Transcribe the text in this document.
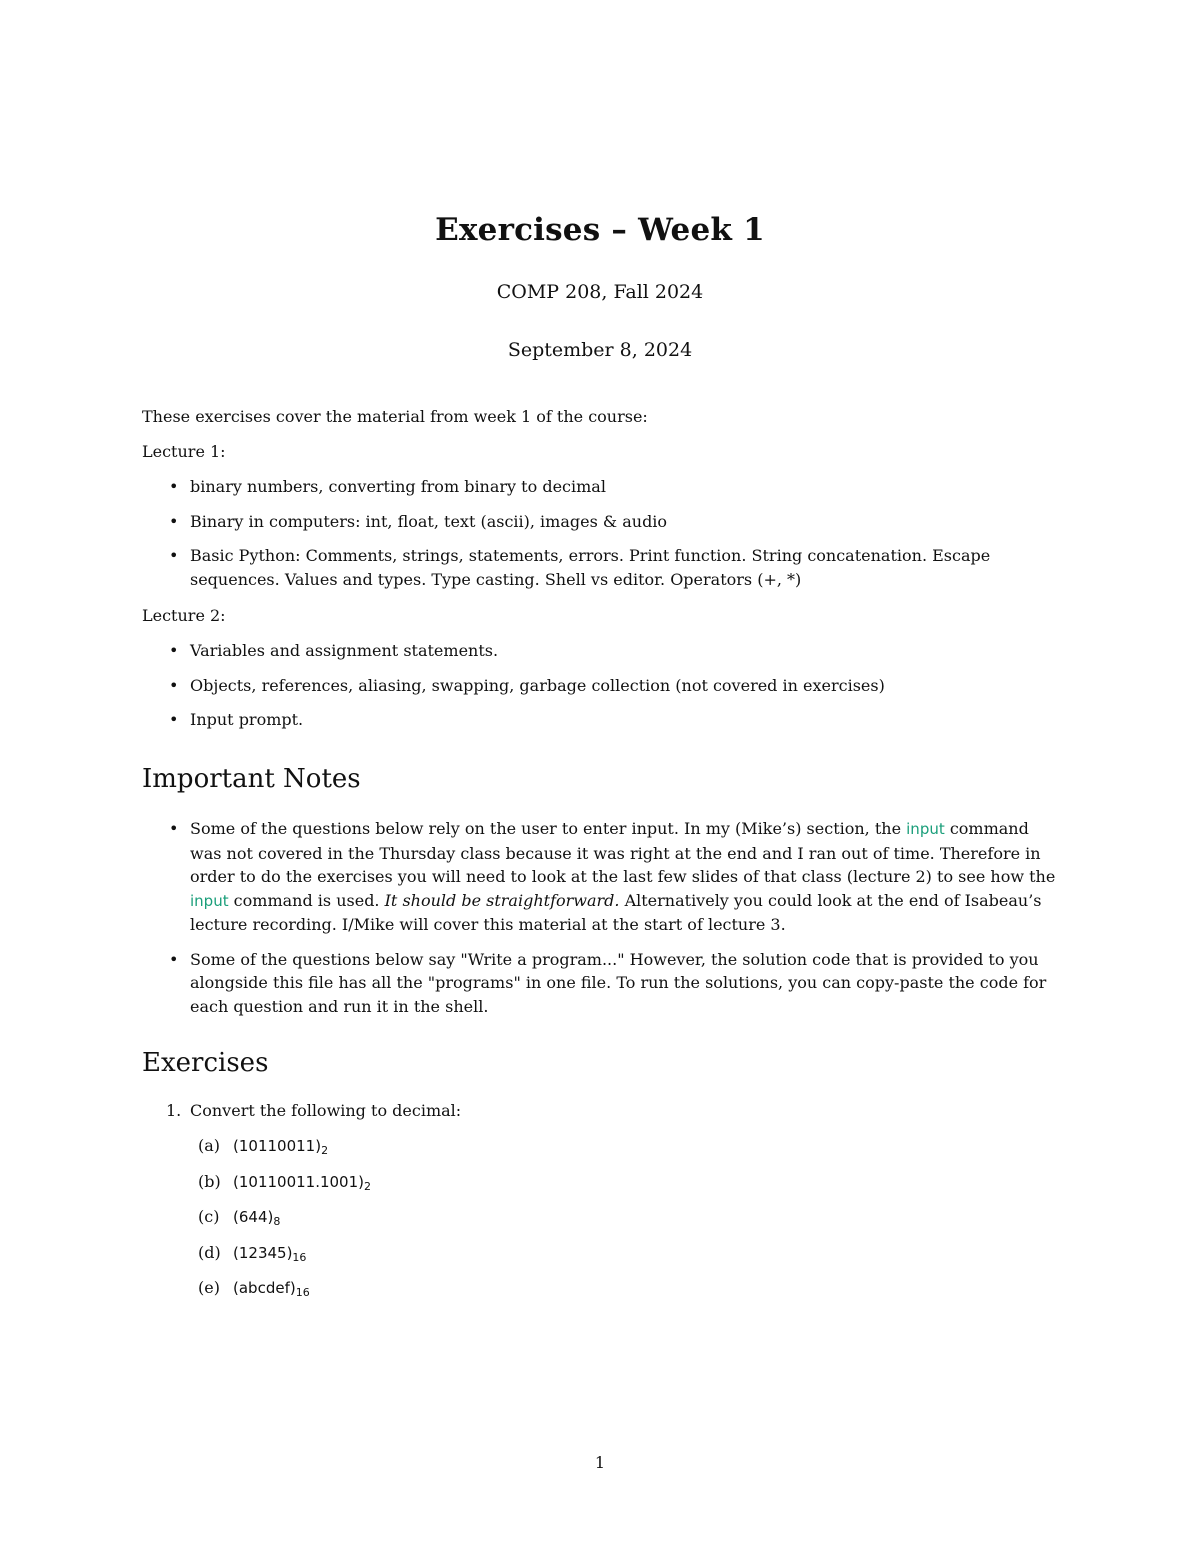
Exercises – Week 1
COMP 208, Fall 2024
September 8, 2024
These exercises cover the material from week 1 of the course:
Lecture 1:
• binary numbers, converting from binary to decimal
• Binary in computers: int, float, text (ascii), images & audio
• Basic Python: Comments, strings, statements, errors. Print function. String concatenation. Escape sequences. Values and types. Type casting. Shell vs editor. Operators (+, *)
Lecture 2:
• Variables and assignment statements.
• Objects, references, aliasing, swapping, garbage collection (not covered in exercises)
• Input prompt.
Important Notes
• Some of the questions below rely on the user to enter input. In my (Mike’s) section, the input command was not covered in the Thursday class because it was right at the end and I ran out of time. Therefore in order to do the exercises you will need to look at the last few slides of that class (lecture 2) to see how the input command is used. It should be straightforward. Alternatively you could look at the end of Isabeau’s lecture recording. I/Mike will cover this material at the start of lecture 3.
• Some of the questions below say "Write a program..." However, the solution code that is provided to you alongside this file has all the "programs" in one file. To run the solutions, you can copy-paste the code for each question and run it in the shell.
Exercises
1. Convert the following to decimal:
(a) $(10110011)_2$
(b) $(10110011.1001)_2$
(c) $(644)_8$
(d) $(12345)_{16}$
(e) $(abcdef)_{16}$
1
